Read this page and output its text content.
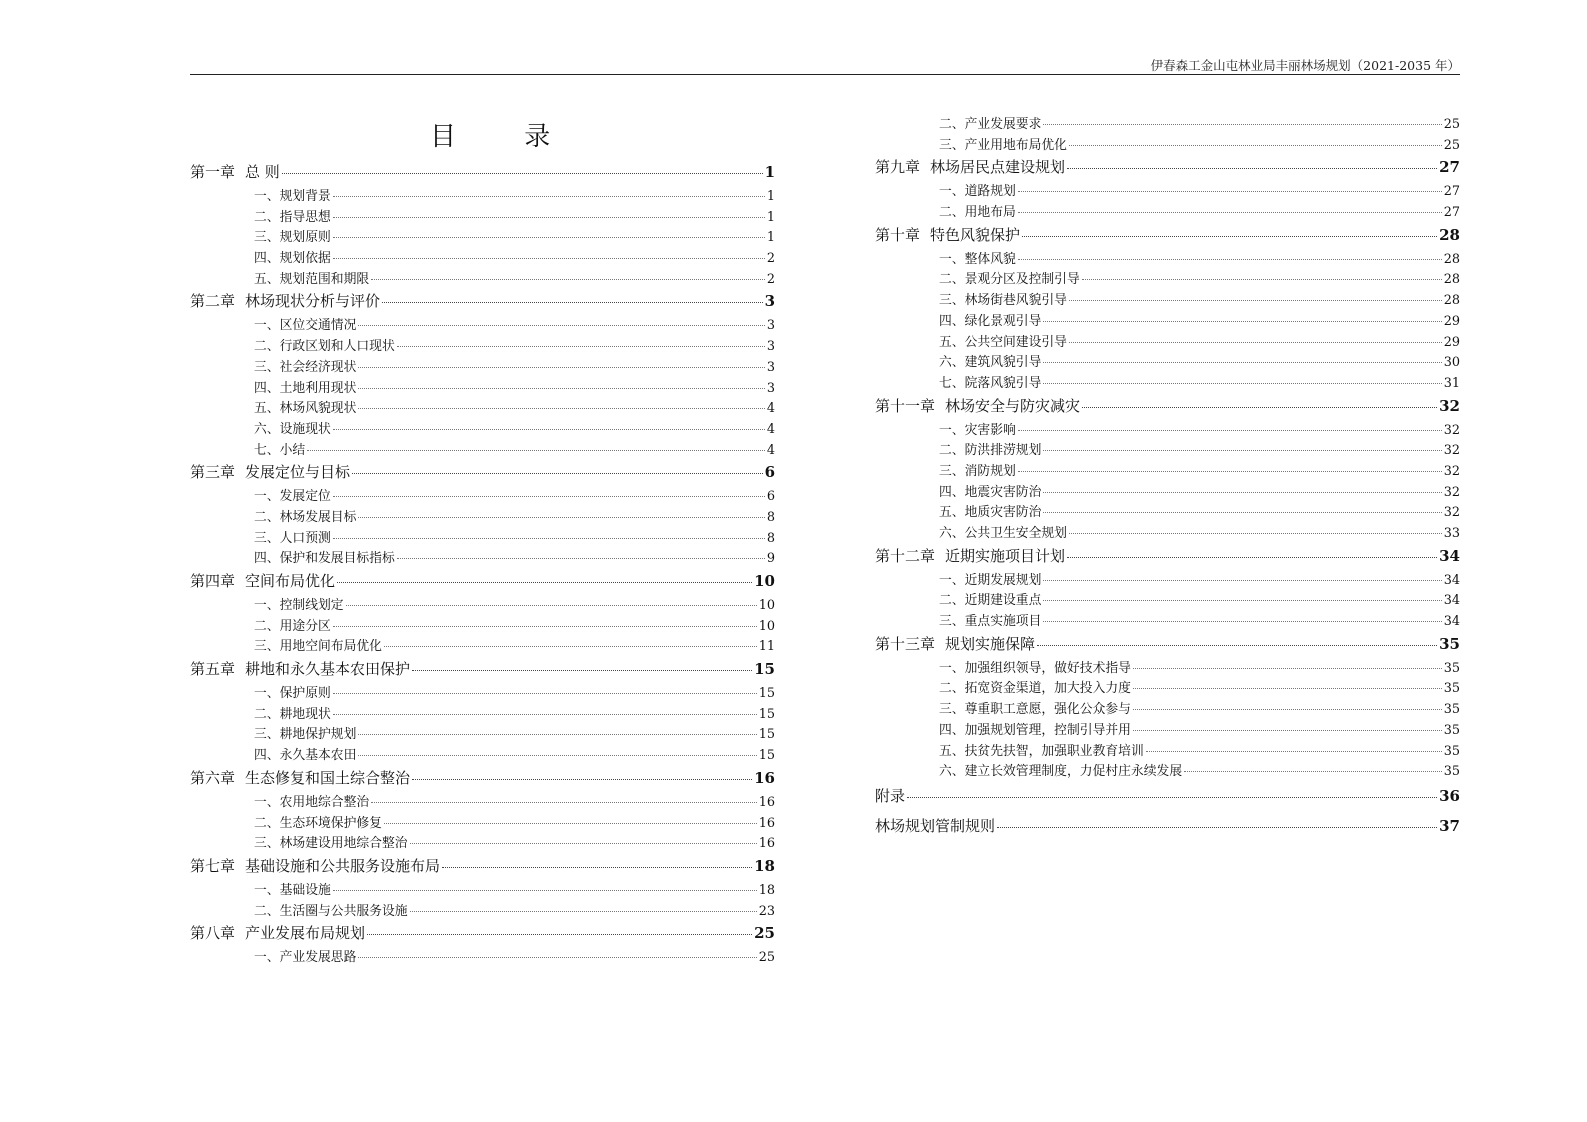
伊春森工金山屯林业局丰丽林场规划（2021-2035 年）
目 录
第一章 总 则	1
一、规划背景	1
二、指导思想	1
三、规划原则	1
四、规划依据	2
五、规划范围和期限	2
第二章 林场现状分析与评价	3
一、区位交通情况	3
二、行政区划和人口现状	3
三、社会经济现状	3
四、土地利用现状	3
五、林场风貌现状	4
六、设施现状	4
七、小结	4
第三章 发展定位与目标	6
一、发展定位	6
二、林场发展目标	8
三、人口预测	8
四、保护和发展目标指标	9
第四章 空间布局优化	10
一、控制线划定	10
二、用途分区	10
三、用地空间布局优化	11
第五章 耕地和永久基本农田保护	15
一、保护原则	15
二、耕地现状	15
三、耕地保护规划	15
四、永久基本农田	15
第六章 生态修复和国土综合整治	16
一、农用地综合整治	16
二、生态环境保护修复	16
三、林场建设用地综合整治	16
第七章 基础设施和公共服务设施布局	18
一、基础设施	18
二、生活圈与公共服务设施	23
第八章 产业发展布局规划	25
一、产业发展思路	25
二、产业发展要求	25
三、产业用地布局优化	25
第九章 林场居民点建设规划	27
一、道路规划	27
二、用地布局	27
第十章 特色风貌保护	28
一、整体风貌	28
二、景观分区及控制引导	28
三、林场街巷风貌引导	28
四、绿化景观引导	29
五、公共空间建设引导	29
六、建筑风貌引导	30
七、院落风貌引导	31
第十一章 林场安全与防灾减灾	32
一、灾害影响	32
二、防洪排涝规划	32
三、消防规划	32
四、地震灾害防治	32
五、地质灾害防治	32
六、公共卫生安全规划	33
第十二章 近期实施项目计划	34
一、近期发展规划	34
二、近期建设重点	34
三、重点实施项目	34
第十三章 规划实施保障	35
一、加强组织领导，做好技术指导	35
二、拓宽资金渠道，加大投入力度	35
三、尊重职工意愿，强化公众参与	35
四、加强规划管理，控制引导并用	35
五、扶贫先扶智，加强职业教育培训	35
六、建立长效管理制度，力促村庄永续发展	35
附录	36
林场规划管制规则	37
